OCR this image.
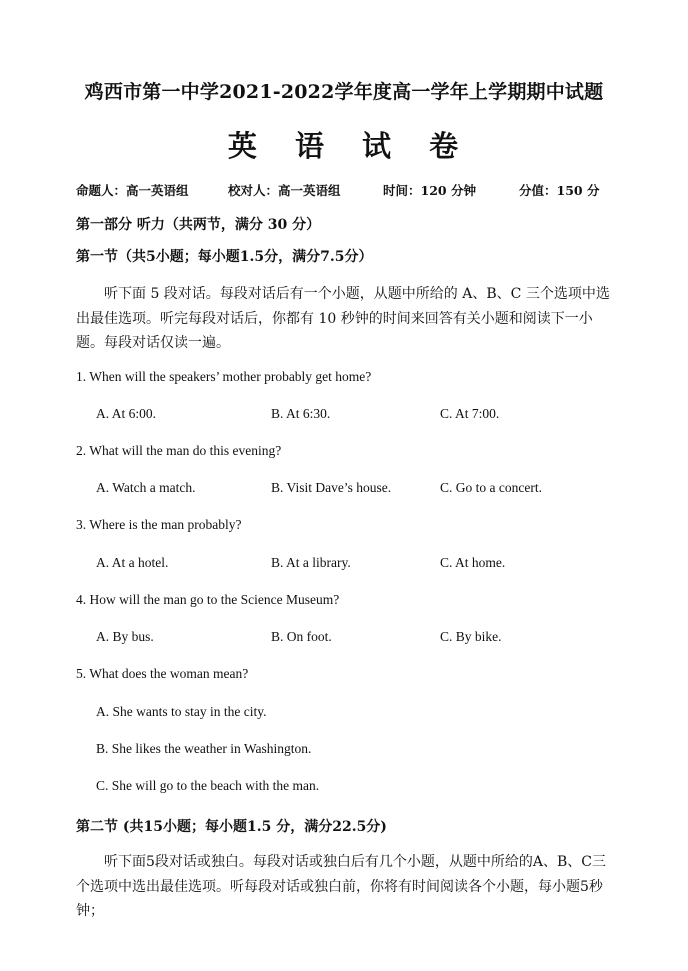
鸡西市第一中学2021-2022学年度高一学年上学期期中试题
英 语 试 卷
命题人：高一英语组	校对人：高一英语组	时间：120 分钟	分值：150 分
第一部分 听力（共两节，满分 30 分）
第一节（共5小题；每小题1.5分，满分7.5分）
听下面 5 段对话。每段对话后有一个小题，从题中所给的 A、B、C 三个选项中选出最佳选项。听完每段对话后，你都有 10 秒钟的时间来回答有关小题和阅读下一小题。每段对话仅读一遍。
1. When will the speakers’ mother probably get home?
A. At 6:00.	B. At 6:30.	C. At 7:00.
2. What will the man do this evening?
A. Watch a match.	B. Visit Dave’s house.	C. Go to a concert.
3. Where is the man probably?
A. At a hotel.	B. At a library.	C. At home.
4. How will the man go to the Science Museum?
A. By bus.	B. On foot.	C. By bike.
5. What does the woman mean?
A. She wants to stay in the city.
B. She likes the weather in Washington.
C. She will go to the beach with the man.
第二节 (共15小题；每小题1.5 分，满分22.5分)
听下面5段对话或独白。每段对话或独白后有几个小题，从题中所给的A、B、C三个选项中选出最佳选项。听每段对话或独白前，你将有时间阅读各个小题，每小题5秒钟；
